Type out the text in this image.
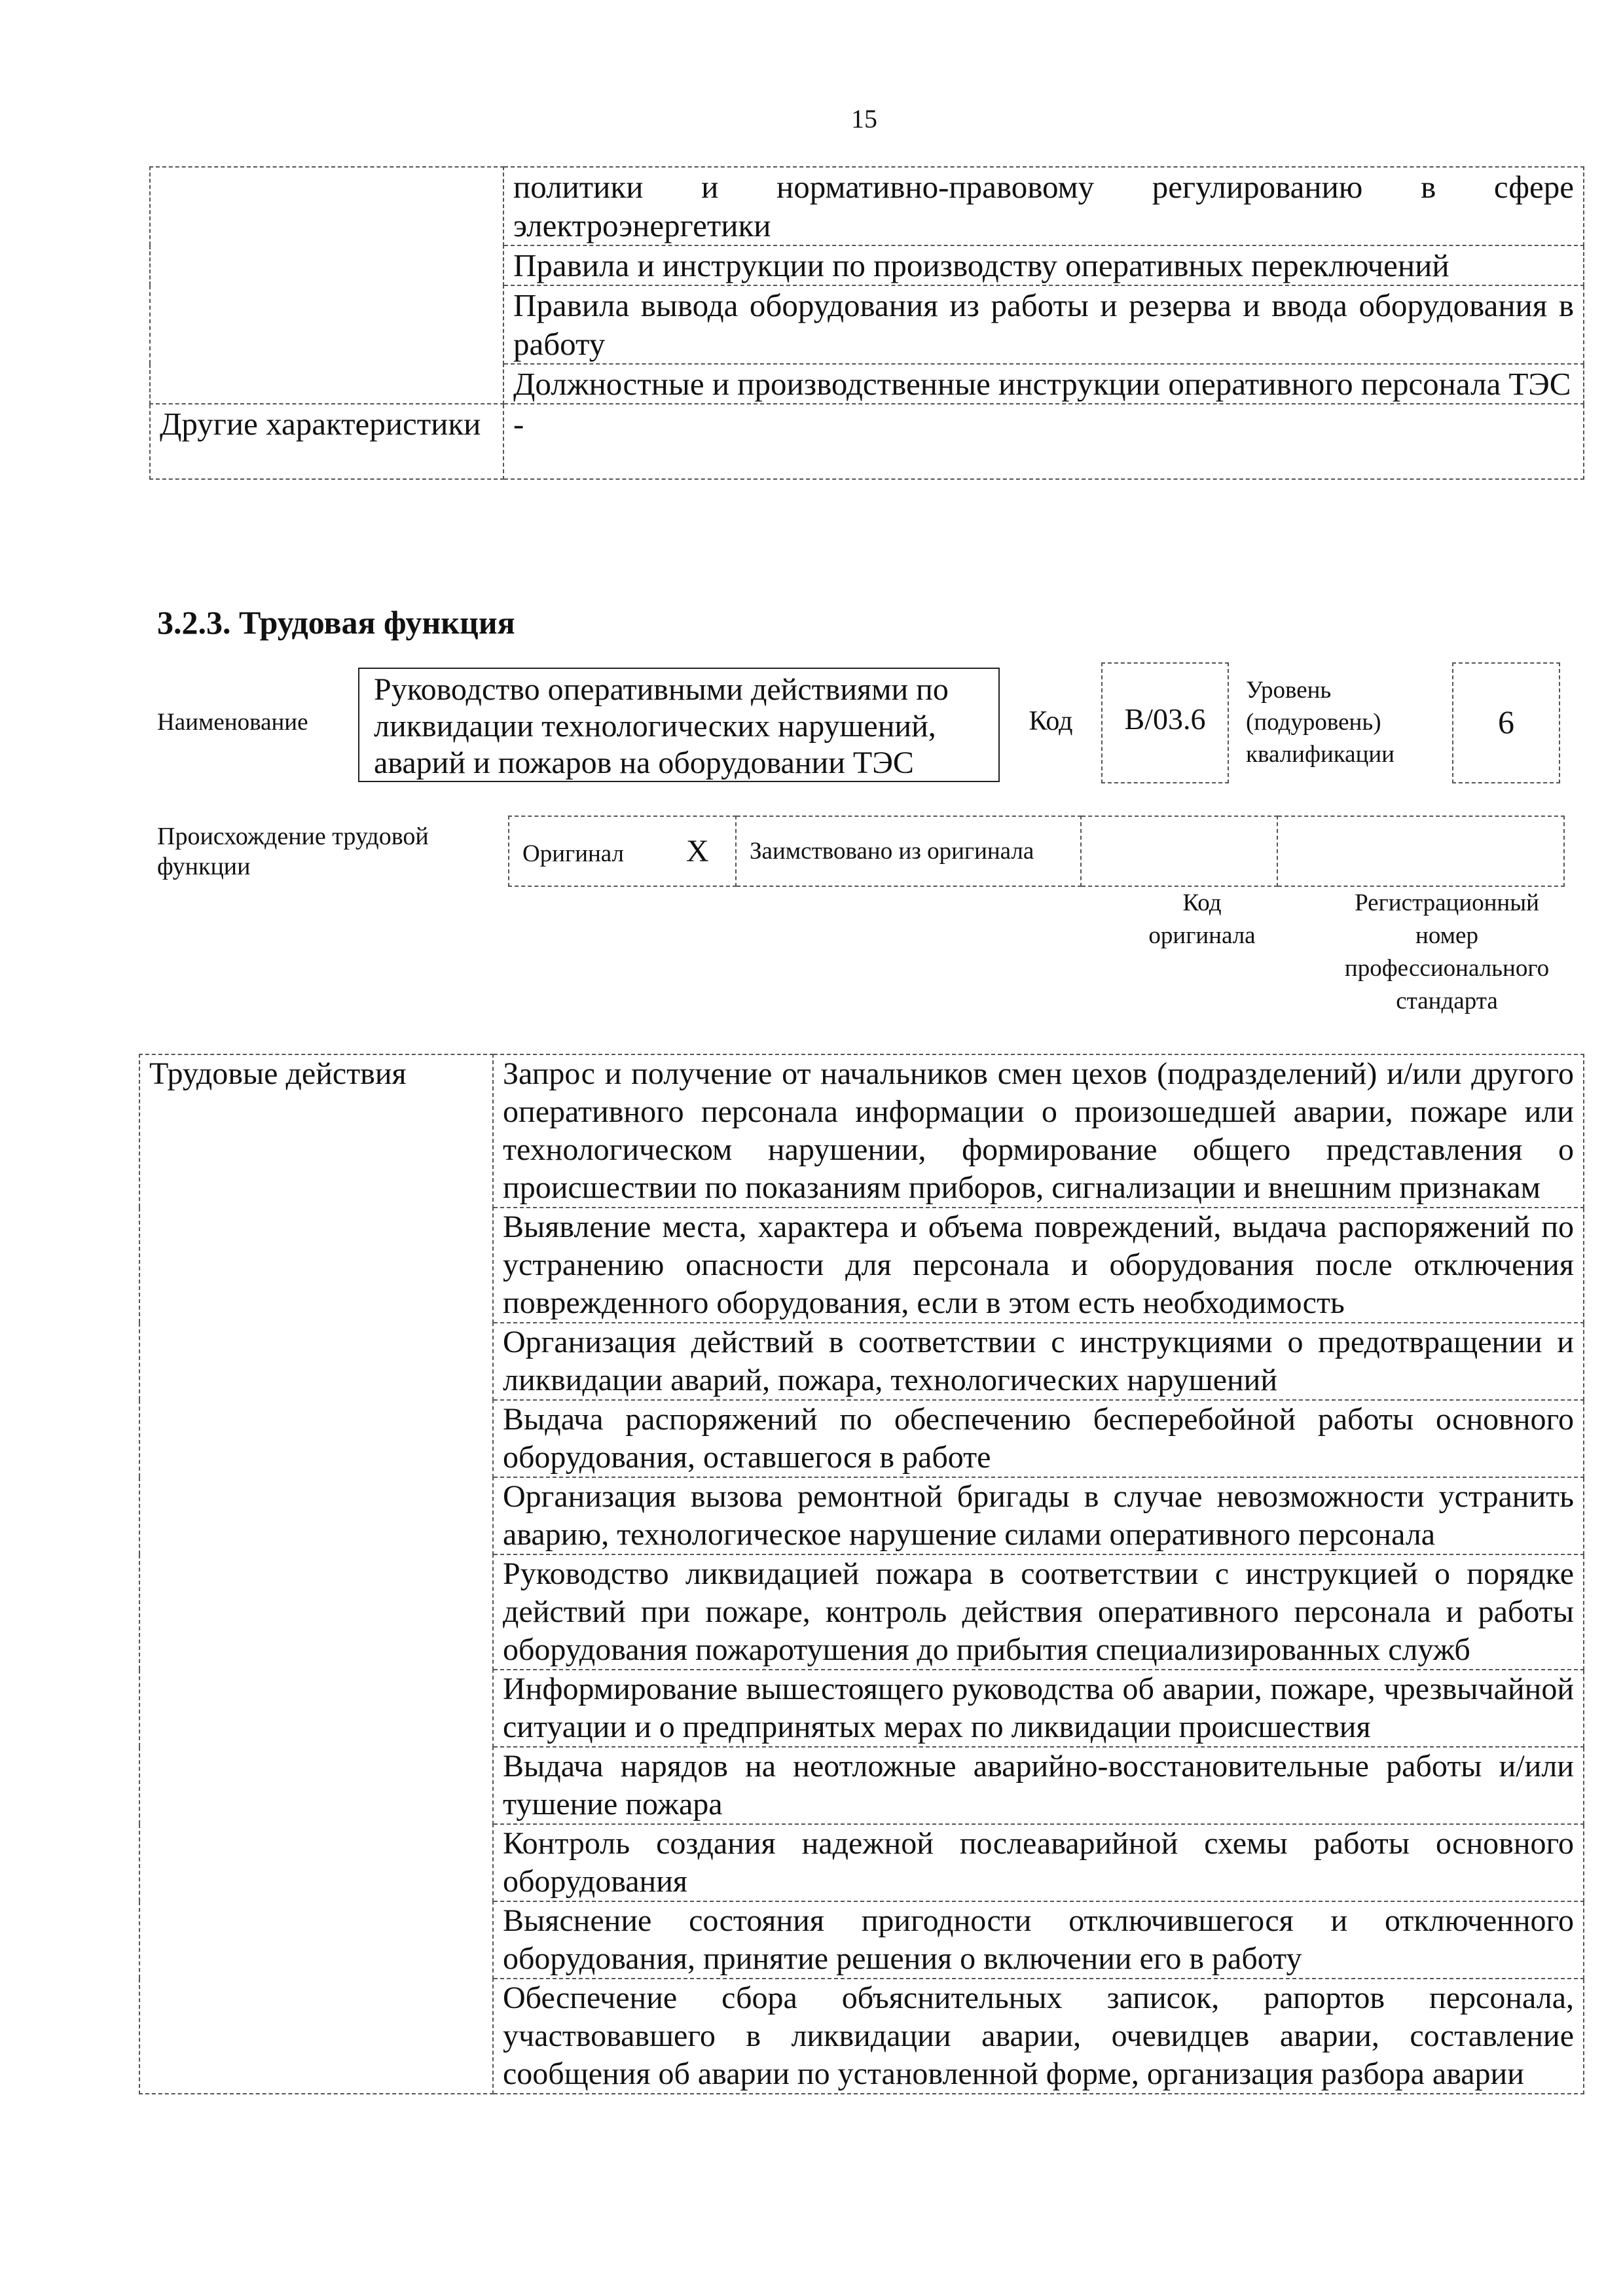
15
	политики и нормативно-правовому регулированию в сфере электроэнергетики
	Правила и инструкции по производству оперативных переключений
	Правила вывода оборудования из работы и резерва и ввода оборудования в работу
	Должностные и производственные инструкции оперативного персонала ТЭС
Другие характеристики	-
3.2.3. Трудовая функция
Наименование
Руководство оперативными действиями по ликвидации технологических нарушений, аварий и пожаров на оборудовании ТЭС
Код	B/03.6
Уровень (подуровень) квалификации
6
Происхождение трудовой функции	Оригинал X	Заимствовано из оригинала		
Код оригинала
Регистрационный номер профессионального стандарта
Трудовые действия	Запрос и получение от начальников смен цехов (подразделений) и/или другого оперативного персонала информации о произошедшей аварии, пожаре или технологическом нарушении, формирование общего представления о происшествии по показаниям приборов, сигнализации и внешним признакам
Выявление места, характера и объема повреждений, выдача распоряжений по устранению опасности для персонала и оборудования после отключения поврежденного оборудования, если в этом есть необходимость
Организация действий в соответствии с инструкциями о предотвращении и ликвидации аварий, пожара, технологических нарушений
Выдача распоряжений по обеспечению бесперебойной работы основного оборудования, оставшегося в работе
Организация вызова ремонтной бригады в случае невозможности устранить аварию, технологическое нарушение силами оперативного персонала
Руководство ликвидацией пожара в соответствии с инструкцией о порядке действий при пожаре, контроль действия оперативного персонала и работы оборудования пожаротушения до прибытия специализированных служб
Информирование вышестоящего руководства об аварии, пожаре, чрезвычайной ситуации и о предпринятых мерах по ликвидации происшествия
Выдача нарядов на неотложные аварийно-восстановительные работы и/или тушение пожара
Контроль создания надежной послеаварийной схемы работы основного оборудования
Выяснение состояния пригодности отключившегося и отключенного оборудования, принятие решения о включении его в работу
Обеспечение сбора объяснительных записок, рапортов персонала, участвовавшего в ликвидации аварии, очевидцев аварии, составление сообщения об аварии по установленной форме, организация разбора аварии
